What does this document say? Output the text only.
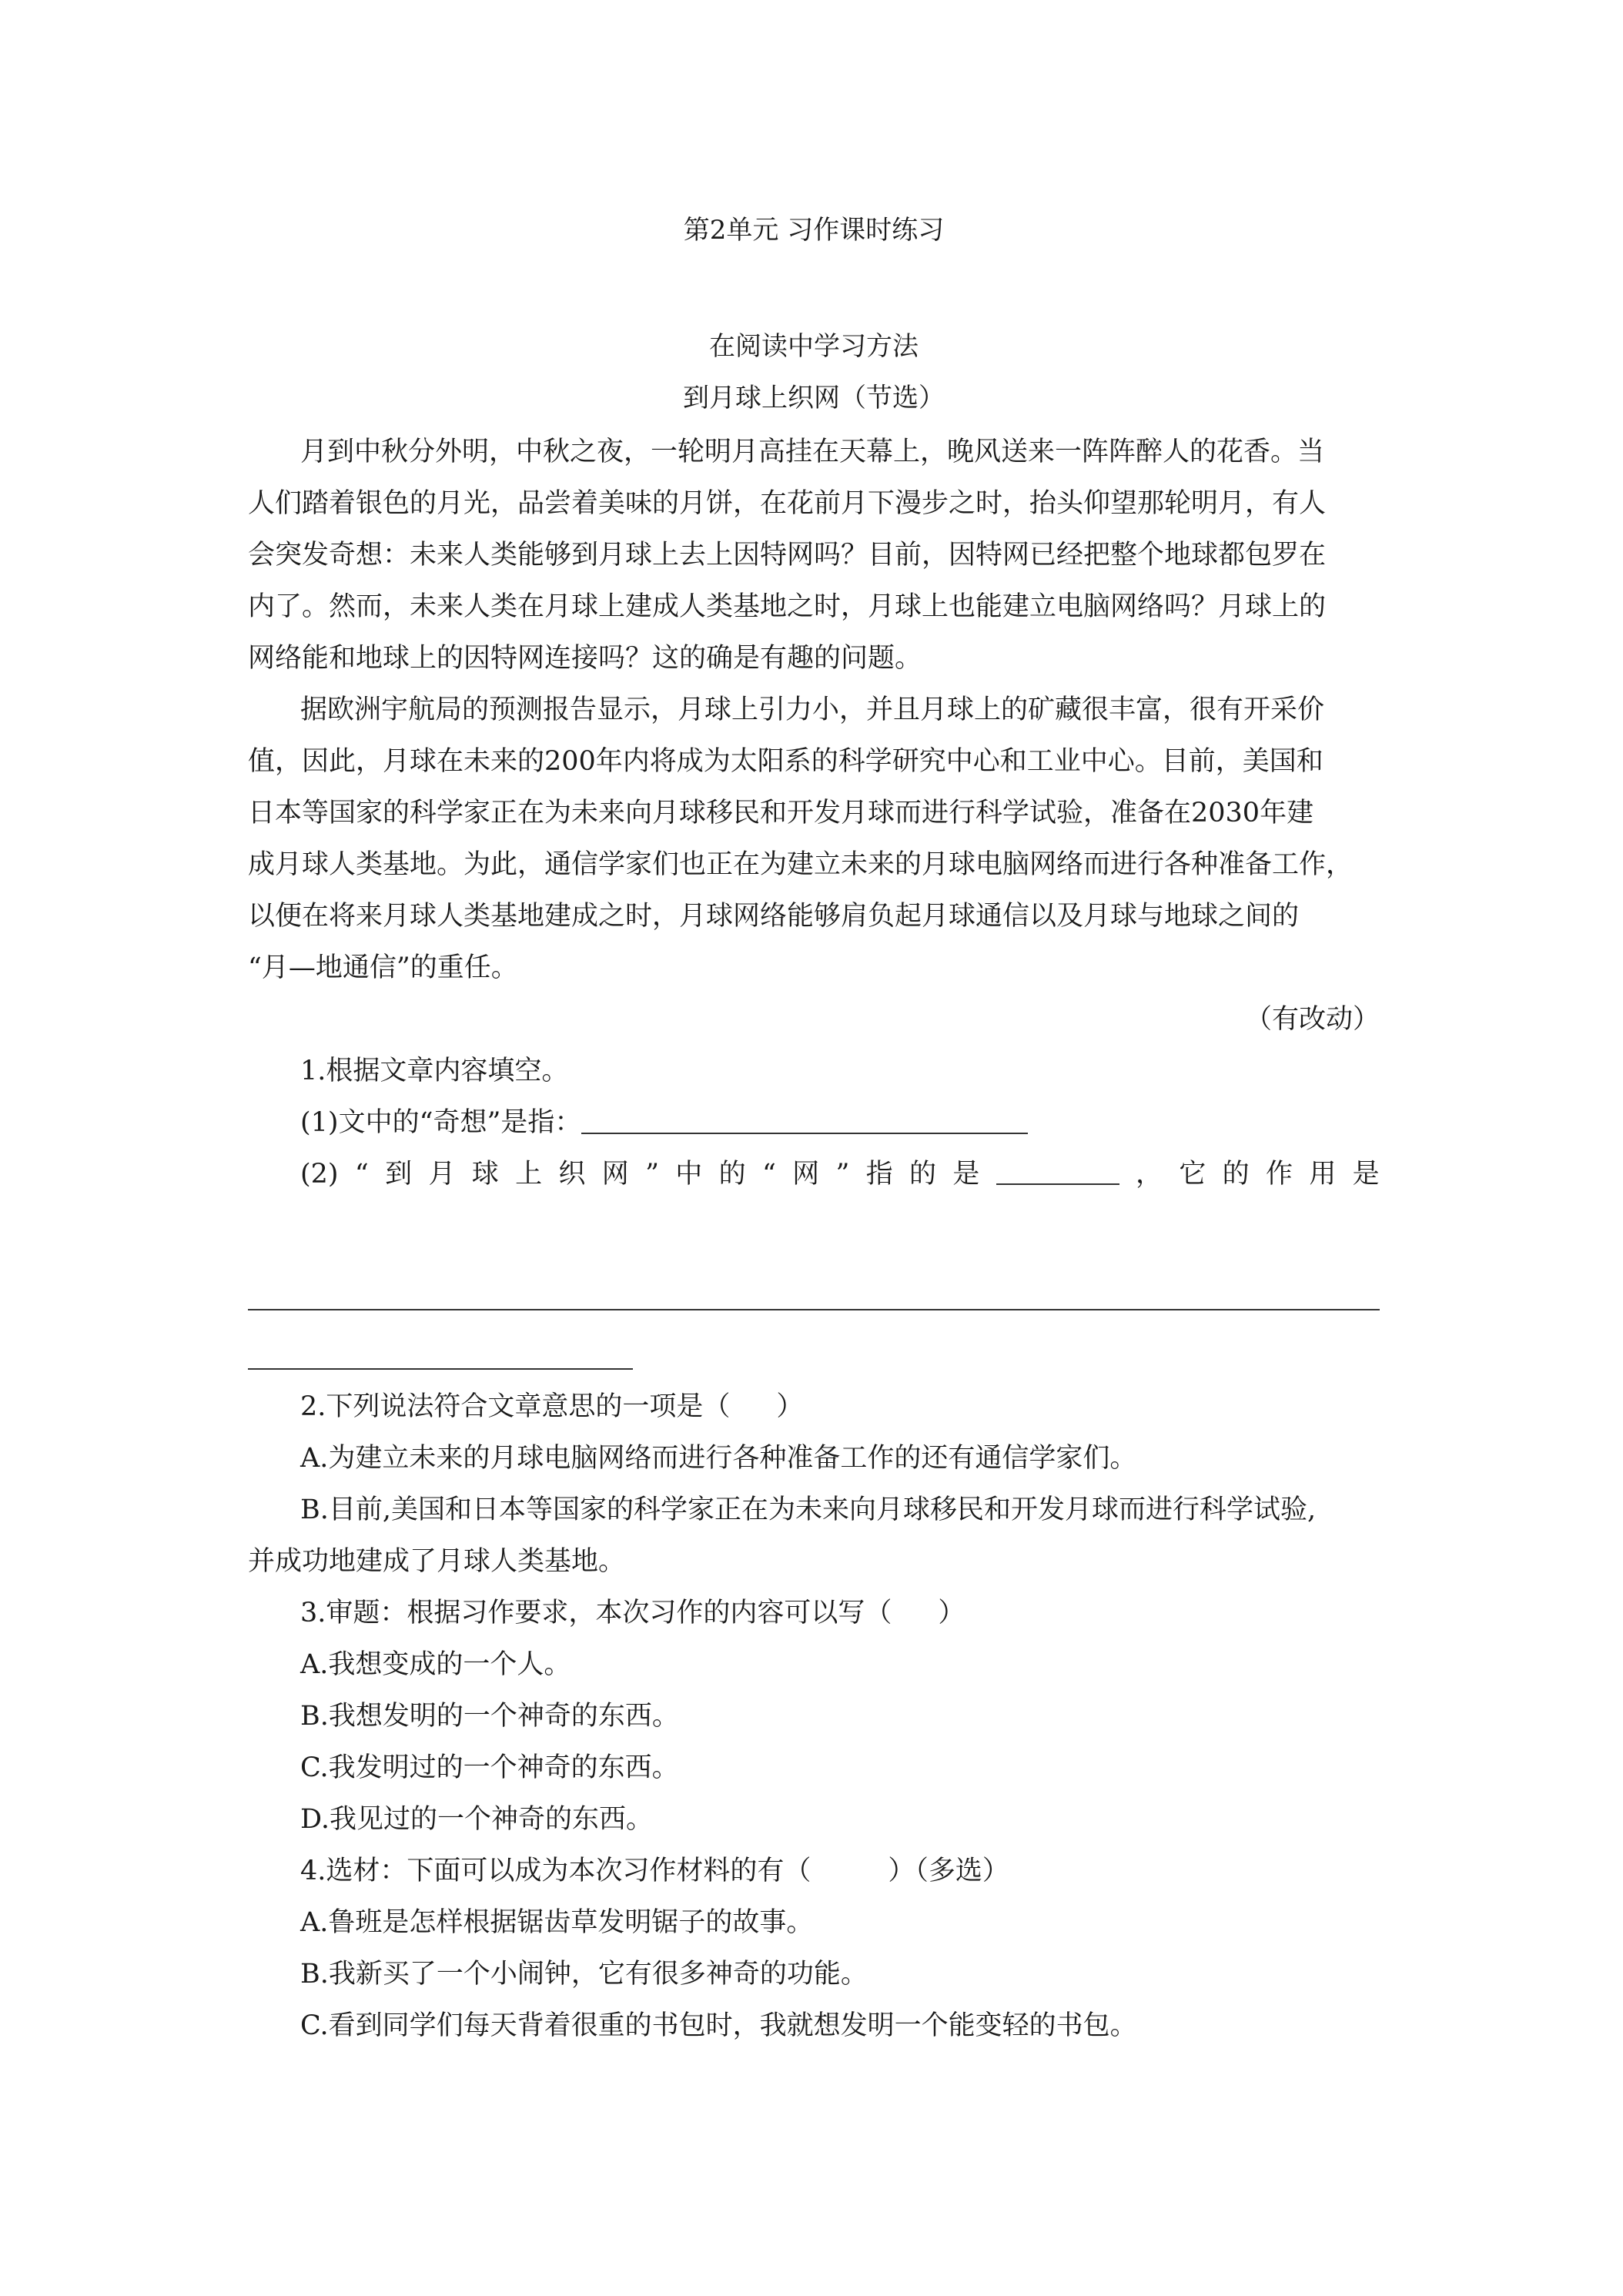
第2单元 习作课时练习
在阅读中学习方法
到月球上织网（节选）
月到中秋分外明，中秋之夜，一轮明月高挂在天幕上，晚风送来一阵阵醉人的花香。当
人们踏着银色的月光，品尝着美味的月饼，在花前月下漫步之时，抬头仰望那轮明月，有人
会突发奇想：未来人类能够到月球上去上因特网吗？目前，因特网已经把整个地球都包罗在
内了。然而，未来人类在月球上建成人类基地之时，月球上也能建立电脑网络吗？月球上的
网络能和地球上的因特网连接吗？这的确是有趣的问题。
据欧洲宇航局的预测报告显示，月球上引力小，并且月球上的矿藏很丰富，很有开采价
值，因此，月球在未来的200年内将成为太阳系的科学研究中心和工业中心。目前，美国和
日本等国家的科学家正在为未来向月球移民和开发月球而进行科学试验，准备在2030年建
成月球人类基地。为此，通信学家们也正在为建立未来的月球电脑网络而进行各种准备工作，
以便在将来月球人类基地建成之时，月球网络能够肩负起月球通信以及月球与地球之间的
“月—地通信”的重任。
（有改动）
1.根据文章内容填空。
(1)文中的“奇想”是指：
(2) “ 到 月 球 上 织 网 ” 中 的 “ 网 ” 指 的 是	， 它 的 作 用 是
2.下列说法符合文章意思的一项是（ ）
A.为建立未来的月球电脑网络而进行各种准备工作的还有通信学家们。
B.目前,美国和日本等国家的科学家正在为未来向月球移民和开发月球而进行科学试验,
并成功地建成了月球人类基地。
3.审题：根据习作要求，本次习作的内容可以写（ ）
A.我想变成的一个人。
B.我想发明的一个神奇的东西。
C.我发明过的一个神奇的东西。
D.我见过的一个神奇的东西。
4.选材：下面可以成为本次习作材料的有（	）（多选）
A.鲁班是怎样根据锯齿草发明锯子的故事。
B.我新买了一个小闹钟，它有很多神奇的功能。
C.看到同学们每天背着很重的书包时，我就想发明一个能变轻的书包。
